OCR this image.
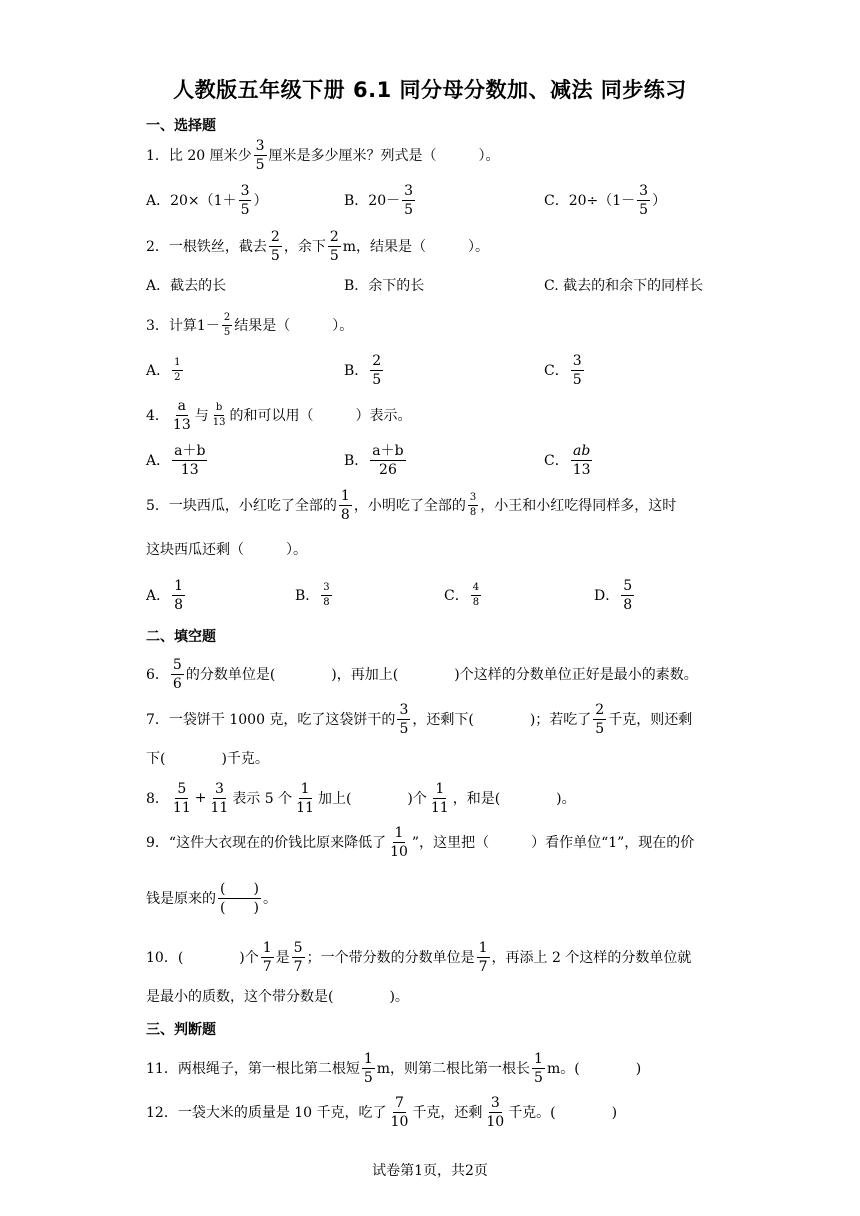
人教版五年级下册 6.1 同分母分数加、减法 同步练习
一、选择题
1．比 20 厘米少 $\frac{3}{5}$ 厘米是多少厘米？列式是（　　　）。
A．$20\times(1+ \frac{3}{5}$ ）	B．$20- \frac{3}{5}$	C．$20\div(1- \frac{3}{5}$ ）
2．一根铁丝，截去 $\frac{2}{5}$ ，余下 $\frac{2}{5}$ m，结果是（　　　）。
A．截去的长	B．余下的长	C. 截去的和余下的同样长
3．计算$1- \frac{2}{5}$ 结果是（　　　）。
A． $\frac{1}{2}$	B． $\frac{2}{5}$	C． $\frac{3}{5}$
4． $\frac{a}{13}$ 与 $\frac{b}{13}$ 的和可以用（　　　）表示。
A． $\frac{a+b}{13}$	B． $\frac{a+b}{26}$	C． $\frac{ab}{13}$
5．一块西瓜，小红吃了全部的 $\frac{1}{8}$ ，小明吃了全部的 $\frac{3}{8}$ ，小王和小红吃得同样多，这时
这块西瓜还剩（　　　）。
A． $\frac{1}{8}$	B． $\frac{3}{8}$	C． $\frac{4}{8}$	D． $\frac{5}{8}$
二、填空题
6． $\frac{5}{6}$ 的分数单位是(　　　　)，再加上(　　　　)个这样的分数单位正好是最小的素数。
7．一袋饼干 1000 克，吃了这袋饼干的 $\frac{3}{5}$ ，还剩下(　　　　)；若吃了 $\frac{2}{5}$ 千克，则还剩
下(　　　　)千克。
8． $\frac{5}{11} + \frac{3}{11}$ 表示 5 个 $\frac{1}{11}$ 加上(　　　　)个 $\frac{1}{11}$ ，和是(　　　　)。
9．“这件大衣现在的价钱比原来降低了 $\frac{1}{10}$ ”，这里把（　　　）看作单位“1”，现在的价
钱是原来的 $\frac{( )}{( )}$ 。
10．(　　　　)个 $\frac{1}{7}$ 是 $\frac{5}{7}$ ；一个带分数的分数单位是 $\frac{1}{7}$ ，再添上 2 个这样的分数单位就
是最小的质数，这个带分数是(　　　　)。
三、判断题
11．两根绳子，第一根比第二根短 $\frac{1}{5}$ m，则第二根比第一根长 $\frac{1}{5}$ m。(　　　　)
12．一袋大米的质量是 10 千克，吃了 $\frac{7}{10}$ 千克，还剩 $\frac{3}{10}$ 千克。(　　　　)
试卷第1页，共2页
